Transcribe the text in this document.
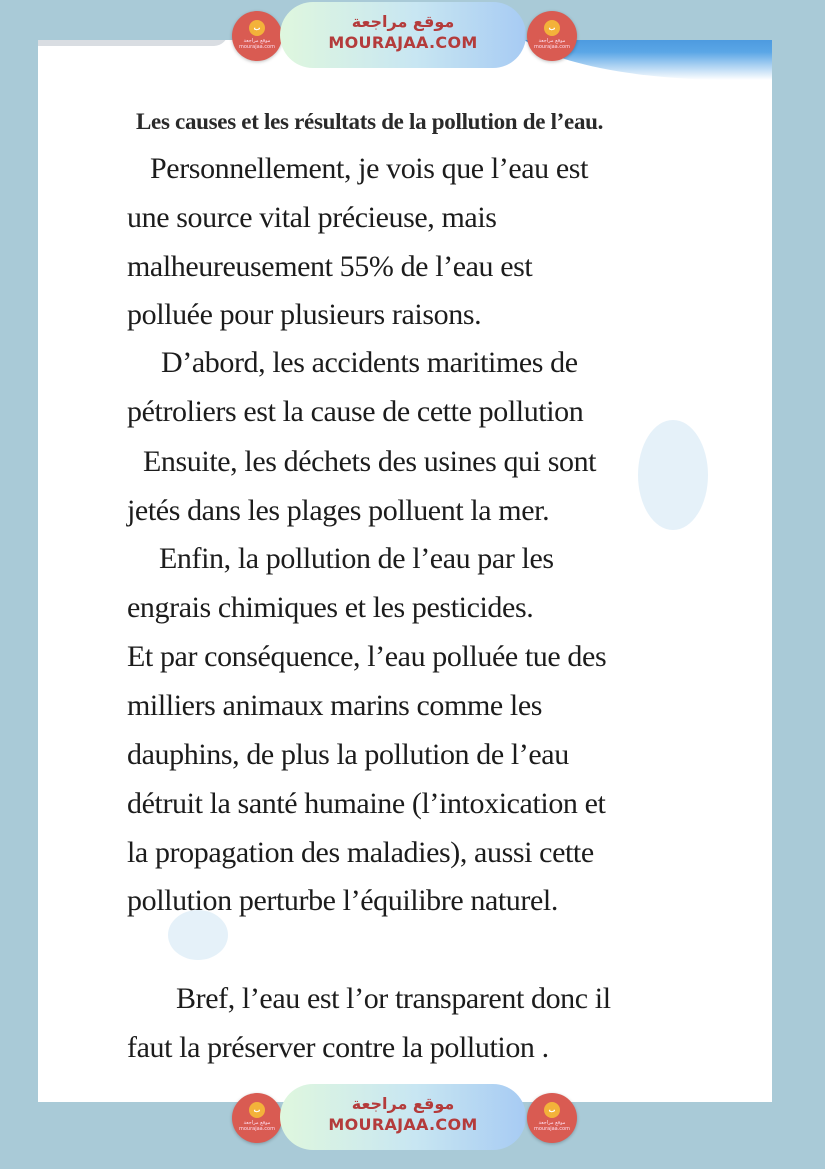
ب
موقع مراجعة mourajaa.com
موقع مراجعة
MOURAJAA.COM
ب
موقع مراجعة mourajaa.com
Les causes et les résultats de la pollution de l’eau.

Personnellement, je vois que l’eau est

une source vital précieuse, mais

malheureusement 55% de l’eau est

polluée pour plusieurs raisons.

D’abord, les accidents maritimes de

pétroliers est la cause de cette pollution

Ensuite, les déchets des usines qui sont

jetés dans les plages polluent la mer.

Enfin, la pollution de l’eau par les

engrais chimiques et les pesticides.

Et par conséquence, l’eau polluée tue des

milliers animaux marins comme les

dauphins, de plus la pollution de l’eau

détruit la santé humaine (l’intoxication et

la propagation des maladies), aussi cette

pollution perturbe l’équilibre naturel.

Bref, l’eau est l’or transparent donc il

faut la préserver contre la pollution .

ب
موقع مراجعة mourajaa.com
موقع مراجعة
MOURAJAA.COM
ب
موقع مراجعة mourajaa.com
